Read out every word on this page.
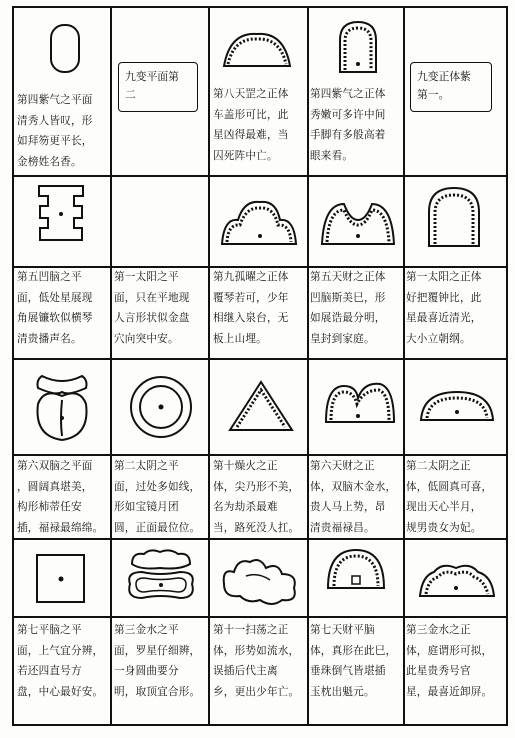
第四紫气之平面
清秀人皆叹，形
如拜笏更平长，
金榜姓名香。
九变平面第 二	第八天罡之正体
车盖形可比，此
星凶得最难，当
囚死阵中亡。
第四紫气之正体
秀嫩可多许中间
手脚有多般高着
眼来看。
九变正体紫 第一。
第五凹脑之平
面，低处星展现
角展镰软似横琴
清贵播声名。
第一太阳之平
面，只在平地现
人言形状似金盘
穴向突中安。
第九孤曜之正体
覆琴若可，少年
相继入泉台，无
板上山埋。
第五天财之正体
凹脑斯美巳，形
如展诰最分明，
皇封到家庭。
第一太阳之正体
好把覆钟比，此
星最喜近清光，
大小立朝纲。
第六双脑之平面
，圆阔真堪美，
构形柿蒂任安
插，福禄最绵绵。
第二太阴之平
面，过处多如线，
形如宝镜月团
圆，正面最位位。
第十燥火之正
体，尖乃形不美，
名为劫杀最难
当，路死没人扛。
第六天财之正
体，双脑木金水，
贵人马上势，昂
清贵福禄昌。
第二太阴之正
体，低圆真可喜，
现出天心半月，
规男贵女为妃。
第七平脑之平
面，上气宜分辨，
若还四直号方
盘，中心最好安。
第三金水之平
面，罗星仔细辨，
一身圆曲要分
明，取顶宜合形。
第十一扫荡之正
体，形势如流水，
误插后代主离
乡，更出少年亡。
第七天财平脑
体，真形在此巳，
垂珠倒气皆堪插
玉枕出魁元。
第三金水之正
体，庭谓形可拟，
此星贵秀号官
星，最喜近卸屏。
